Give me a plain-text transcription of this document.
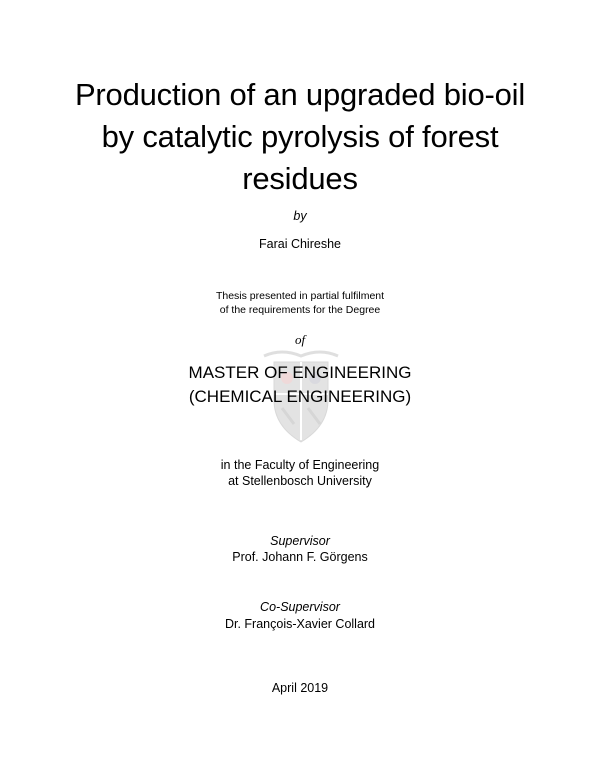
Production of an upgraded bio-oil
by catalytic pyrolysis of forest
residues
by
Farai Chireshe
Thesis presented in partial fulfilment
of the requirements for the Degree
of
MASTER OF ENGINEERING
(CHEMICAL ENGINEERING)
in the Faculty of Engineering
at Stellenbosch University
Supervisor
Prof. Johann F. Görgens
Co-Supervisor
Dr. François-Xavier Collard
April 2019
